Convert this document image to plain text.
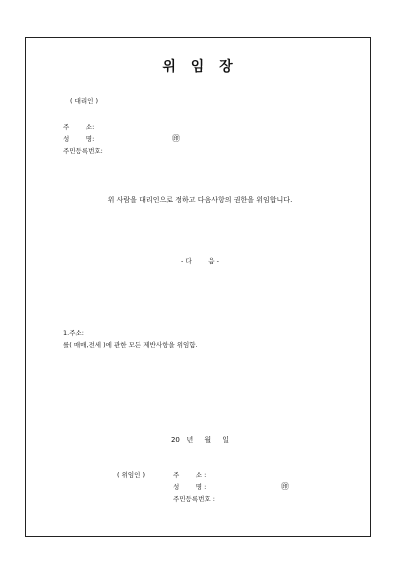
위 임 장
( 대리인 )
주        소:
성        명:	㊞
주민등록번호:
위 사람을 대리인으로 정하고 다음사항의 권한을 위임합니다.
- 다        음 -
1.주소:
를( 매매,전세 )에 관한 모든 제반사항을 위임함.
20   년     월     일
( 위임인 )	주        소 :
성        명 :	㊞
주민등록번호 :
